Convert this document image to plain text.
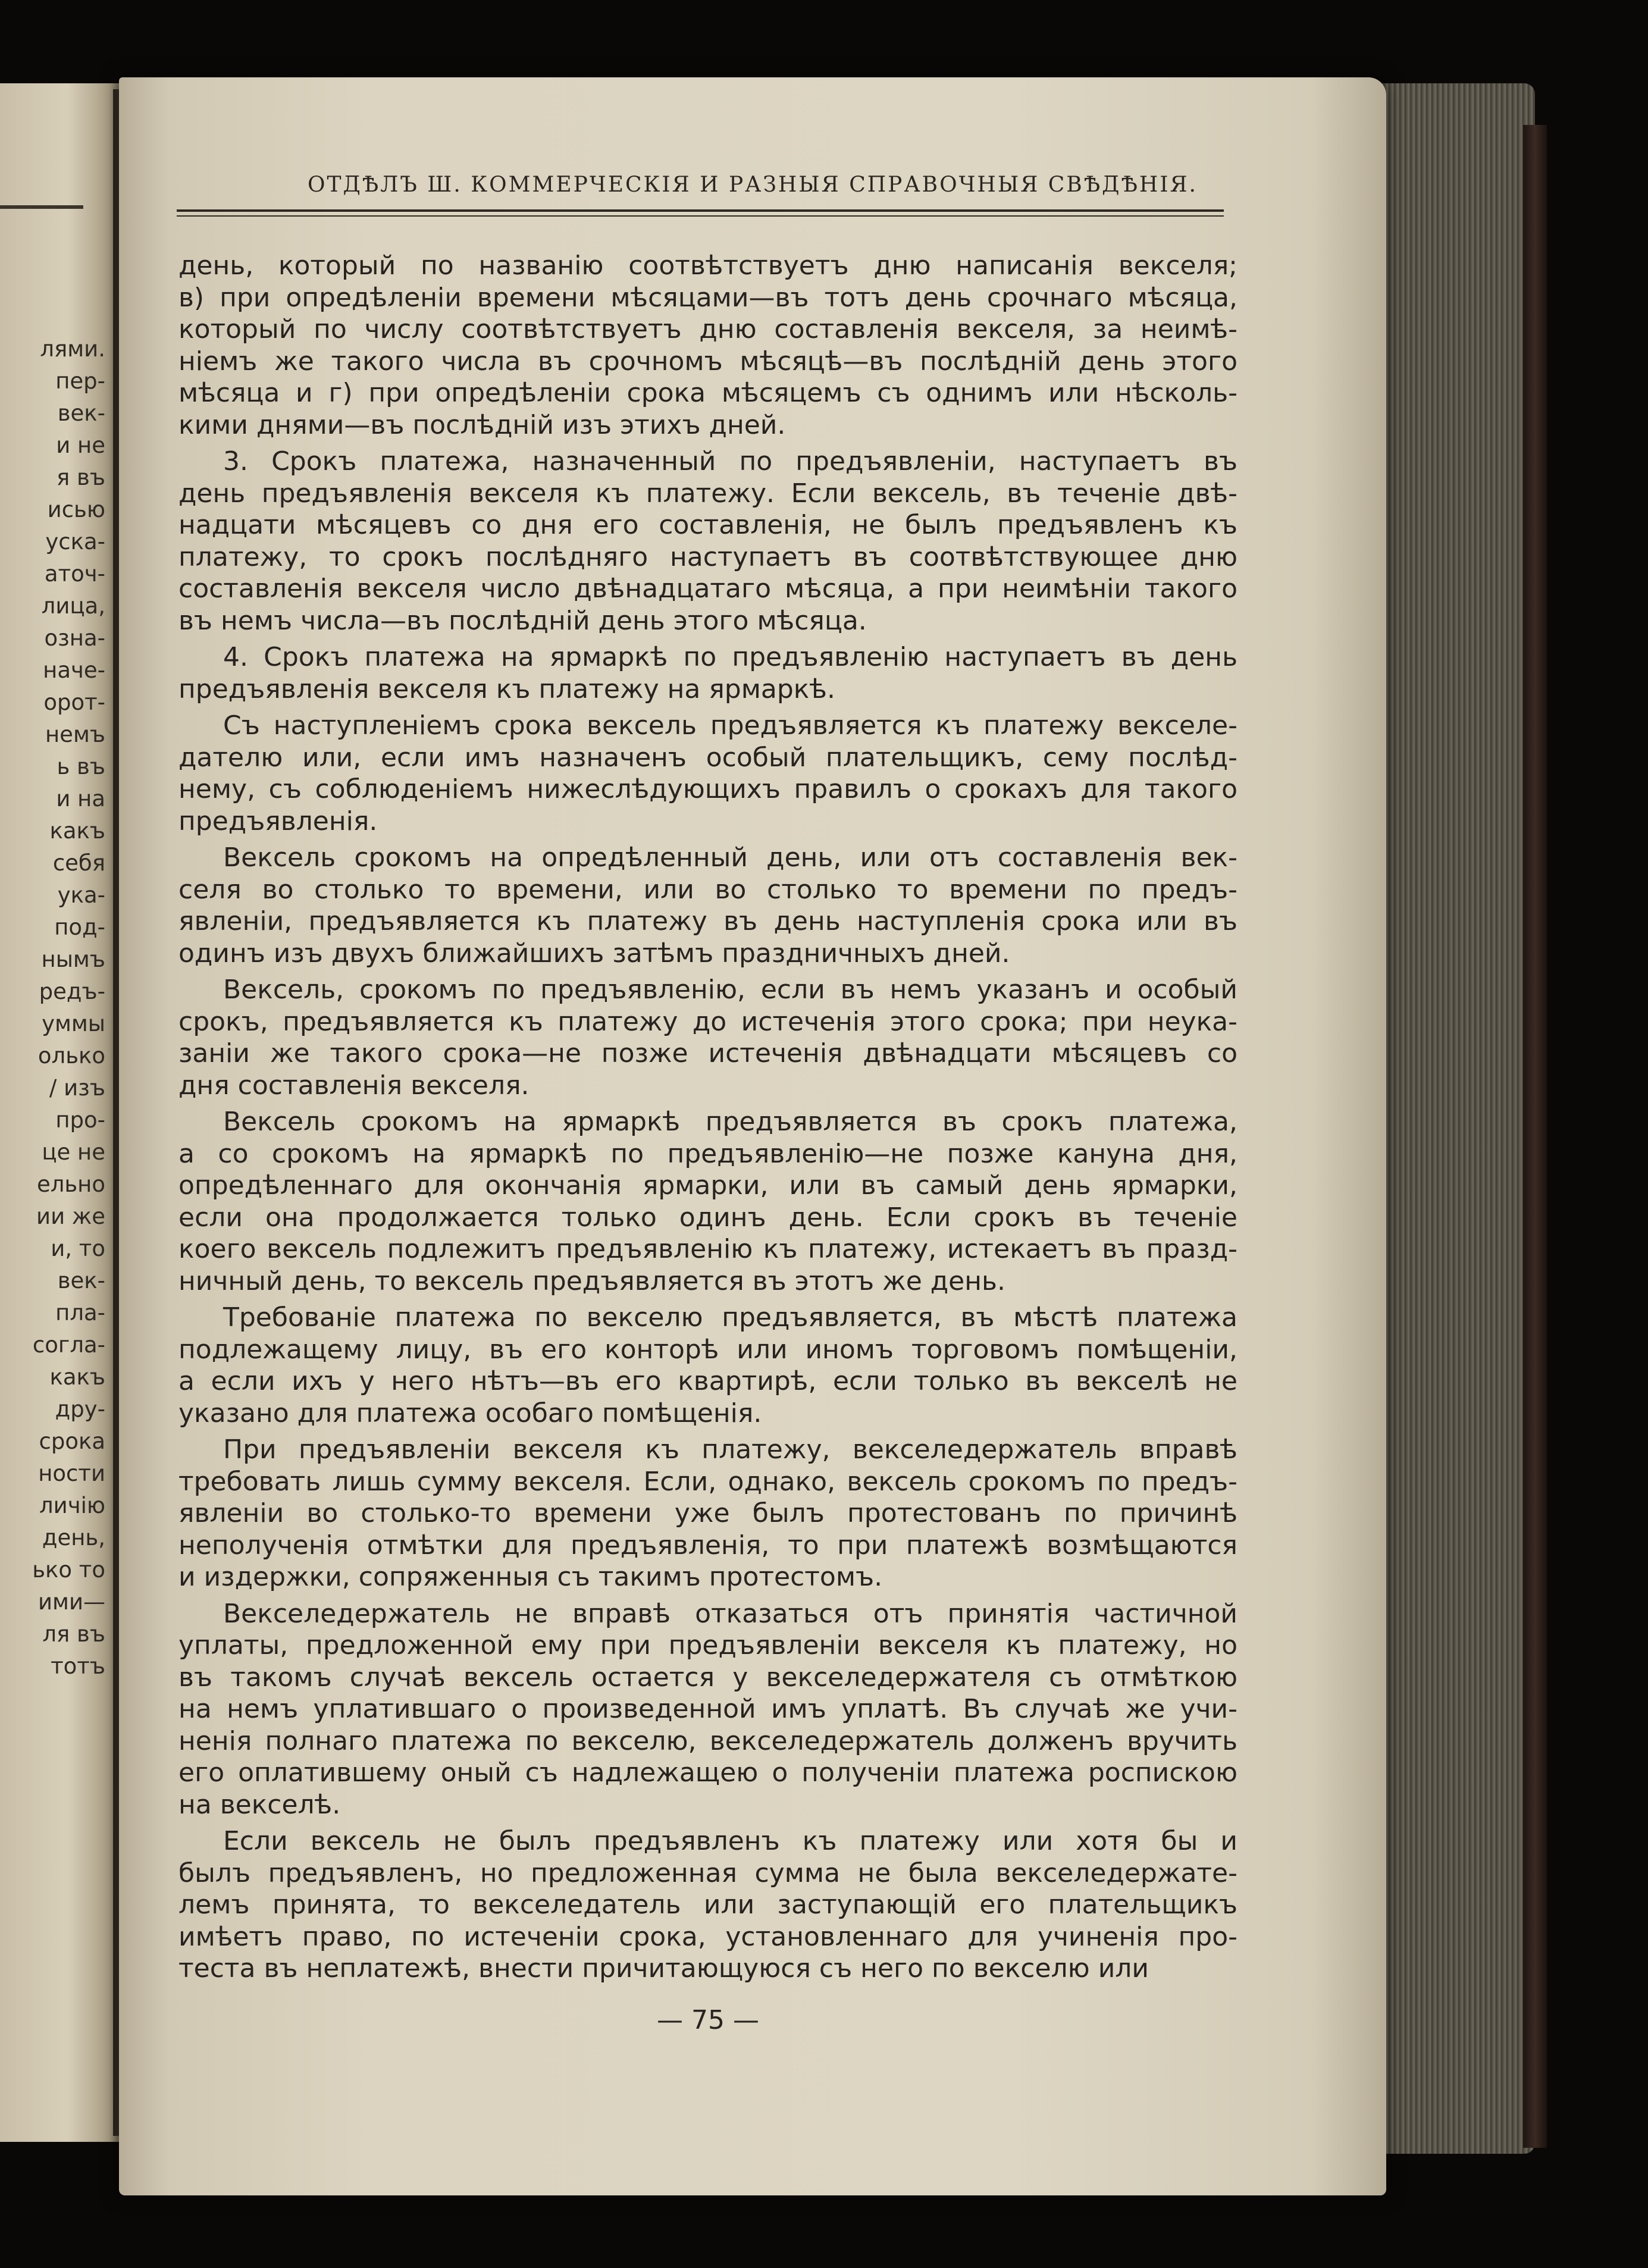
лями.
пер-
век-
и не
я въ
исью
уска-
аточ-
лица,
озна-
наче-
орот-
немъ
ь въ
и на
какъ
себя
ука-
под-
нымъ
редъ-
уммы
олько
/ изъ
про-
це не
ельно
ии же
и, то
век-
пла-
согла-
какъ
дру-
срока
ности
личiю
день,
ько то
ими—
ля въ
тотъ
ОТДѢЛЪ Ш. КОММЕРЧЕСКIЯ И РАЗНЫЯ СПРАВОЧНЫЯ СВѢДѢНIЯ.
день, который по названiю соотвѣтствуетъ дню написанiя векселя;
в) при опредѣленiи времени мѣсяцами—въ тотъ день срочнаго мѣсяца,
который по числу соотвѣтствуетъ дню составленiя векселя, за неимѣ-
нiемъ же такого числа въ срочномъ мѣсяцѣ—въ послѣднiй день этого
мѣсяца и г) при опредѣленiи срока мѣсяцемъ съ однимъ или нѣсколь-
кими днями—въ послѣднiй изъ этихъ дней.
3. Срокъ платежа, назначенный по предъявленiи, наступаетъ въ
день предъявленiя векселя къ платежу. Если вексель, въ теченiе двѣ-
надцати мѣсяцевъ со дня его составленiя, не былъ предъявленъ къ
платежу, то срокъ послѣдняго наступаетъ въ соотвѣтствующее дню
составленiя векселя число двѣнадцатаго мѣсяца, а при неимѣнiи такого
въ немъ числа—въ послѣднiй день этого мѣсяца.
4. Срокъ платежа на ярмаркѣ по предъявленiю наступаетъ въ день
предъявленiя векселя къ платежу на ярмаркѣ.
Съ наступленiемъ срока вексель предъявляется къ платежу векселе-
дателю или, если имъ назначенъ особый плательщикъ, сему послѣд-
нему, съ соблюденiемъ нижеслѣдующихъ правилъ о срокахъ для такого
предъявленiя.
Вексель срокомъ на опредѣленный день, или отъ составленiя век-
селя во столько то времени, или во столько то времени по предъ-
явленiи, предъявляется къ платежу въ день наступленiя срока или въ
одинъ изъ двухъ ближайшихъ затѣмъ праздничныхъ дней.
Вексель, срокомъ по предъявленiю, если въ немъ указанъ и особый
срокъ, предъявляется къ платежу до истеченiя этого срока; при неука-
занiи же такого срока—не позже истеченiя двѣнадцати мѣсяцевъ со
дня составленiя векселя.
Вексель срокомъ на ярмаркѣ предъявляется въ срокъ платежа,
а со срокомъ на ярмаркѣ по предъявленiю—не позже кануна дня,
опредѣленнаго для окончанiя ярмарки, или въ самый день ярмарки,
если она продолжается только одинъ день. Если срокъ въ теченiе
коего вексель подлежитъ предъявленiю къ платежу, истекаетъ въ празд-
ничный день, то вексель предъявляется въ этотъ же день.
Требованiе платежа по векселю предъявляется, въ мѣстѣ платежа
подлежащему лицу, въ его конторѣ или иномъ торговомъ помѣщенiи,
а если ихъ у него нѣтъ—въ его квартирѣ, если только въ векселѣ не
указано для платежа особаго помѣщенiя.
При предъявленiи векселя къ платежу, векселедержатель вправѣ
требовать лишь сумму векселя. Если, однако, вексель срокомъ по предъ-
явленiи во столько-то времени уже былъ протестованъ по причинѣ
неполученiя отмѣтки для предъявленiя, то при платежѣ возмѣщаются
и издержки, сопряженныя съ такимъ протестомъ.
Векселедержатель не вправѣ отказаться отъ принятiя частичной
уплаты, предложенной ему при предъявленiи векселя къ платежу, но
въ такомъ случаѣ вексель остается у векселедержателя съ отмѣткою
на немъ уплатившаго о произведенной имъ уплатѣ. Въ случаѣ же учи-
ненiя полнаго платежа по векселю, векселедержатель долженъ вручить
его оплатившему оный съ надлежащею о полученiи платежа роспискою
на векселѣ.
Если вексель не былъ предъявленъ къ платежу или хотя бы и
былъ предъявленъ, но предложенная сумма не была векселедержате-
лемъ принята, то векселедатель или заступающiй его плательщикъ
имѣетъ право, по истеченiи срока, установленнаго для учиненiя про-
теста въ неплатежѣ, внести причитающуюся съ него по векселю или
— 75 —
